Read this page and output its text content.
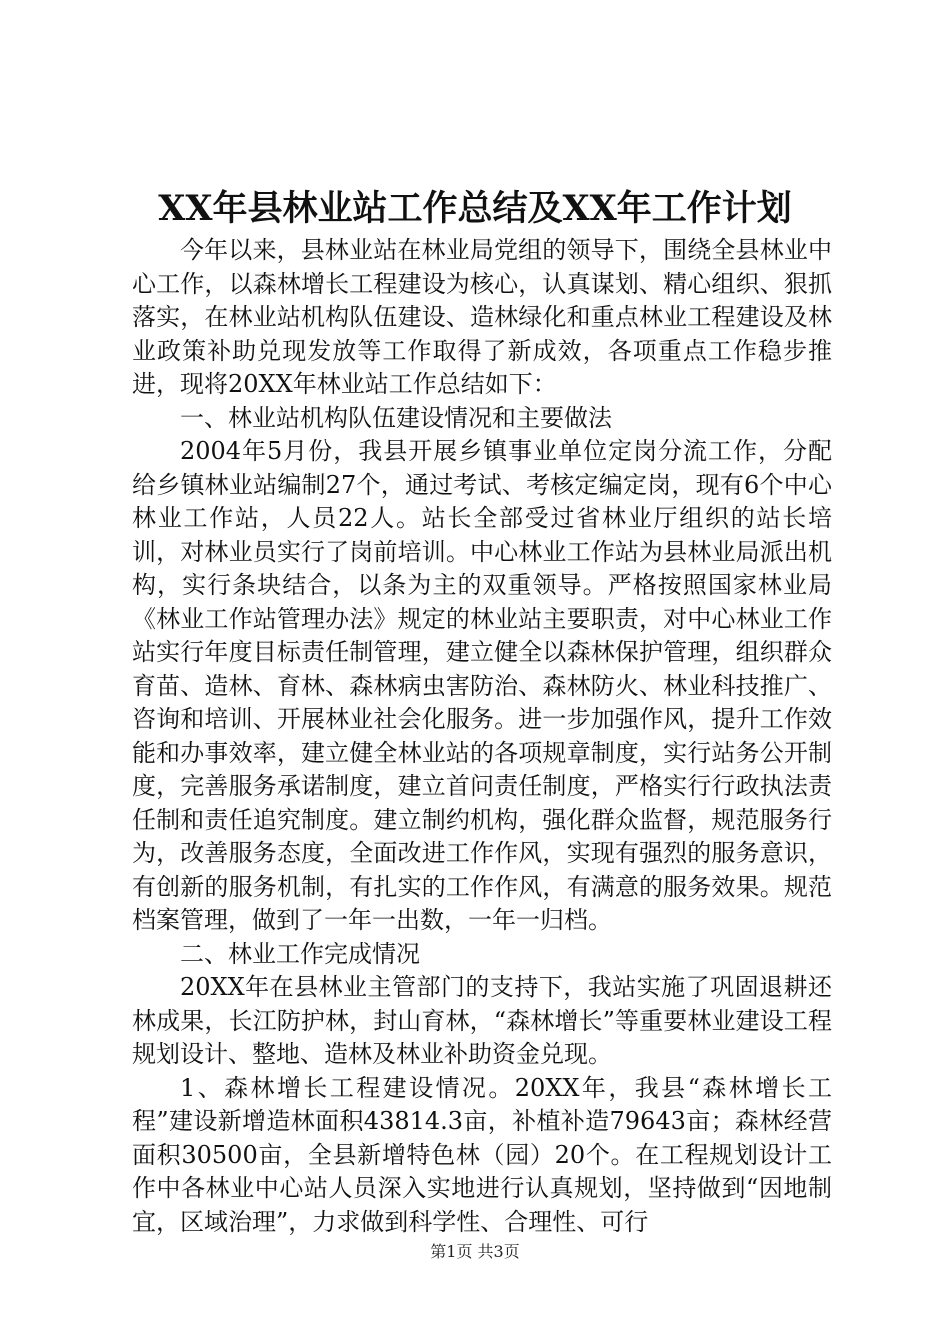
XX年县林业站工作总结及XX年工作计划

今年以来，县林业站在林业局党组的领导下，围绕全县林业中心工作，以森林增长工程建设为核心，认真谋划、精心组织、狠抓落实，在林业站机构队伍建设、造林绿化和重点林业工程建设及林业政策补助兑现发放等工作取得了新成效，各项重点工作稳步推进，现将20XX年林业站工作总结如下：

一、林业站机构队伍建设情况和主要做法

2004年5月份，我县开展乡镇事业单位定岗分流工作，分配给乡镇林业站编制27个，通过考试、考核定编定岗，现有6个中心林业工作站，人员22人。站长全部受过省林业厅组织的站长培训，对林业员实行了岗前培训。中心林业工作站为县林业局派出机构，实行条块结合，以条为主的双重领导。严格按照国家林业局《林业工作站管理办法》规定的林业站主要职责，对中心林业工作站实行年度目标责任制管理，建立健全以森林保护管理，组织群众育苗、造林、育林、森林病虫害防治、森林防火、林业科技推广、咨询和培训、开展林业社会化服务。进一步加强作风，提升工作效能和办事效率，建立健全林业站的各项规章制度，实行站务公开制度，完善服务承诺制度，建立首问责任制度，严格实行行政执法责任制和责任追究制度。建立制约机构，强化群众监督，规范服务行为，改善服务态度，全面改进工作作风，实现有强烈的服务意识，有创新的服务机制，有扎实的工作作风，有满意的服务效果。规范档案管理，做到了一年一出数，一年一归档。

二、林业工作完成情况

20XX年在县林业主管部门的支持下，我站实施了巩固退耕还林成果，长江防护林，封山育林，“森林增长”等重要林业建设工程规划设计、整地、造林及林业补助资金兑现。

1、森林增长工程建设情况。20XX年，我县“森林增长工程”建设新增造林面积43814.3亩，补植补造79643亩；森林经营面积30500亩，全县新增特色林（园）20个。在工程规划设计工作中各林业中心站人员深入实地进行认真规划，坚持做到“因地制宜，区域治理”，力求做到科学性、合理性、可行

第1页 共3页
